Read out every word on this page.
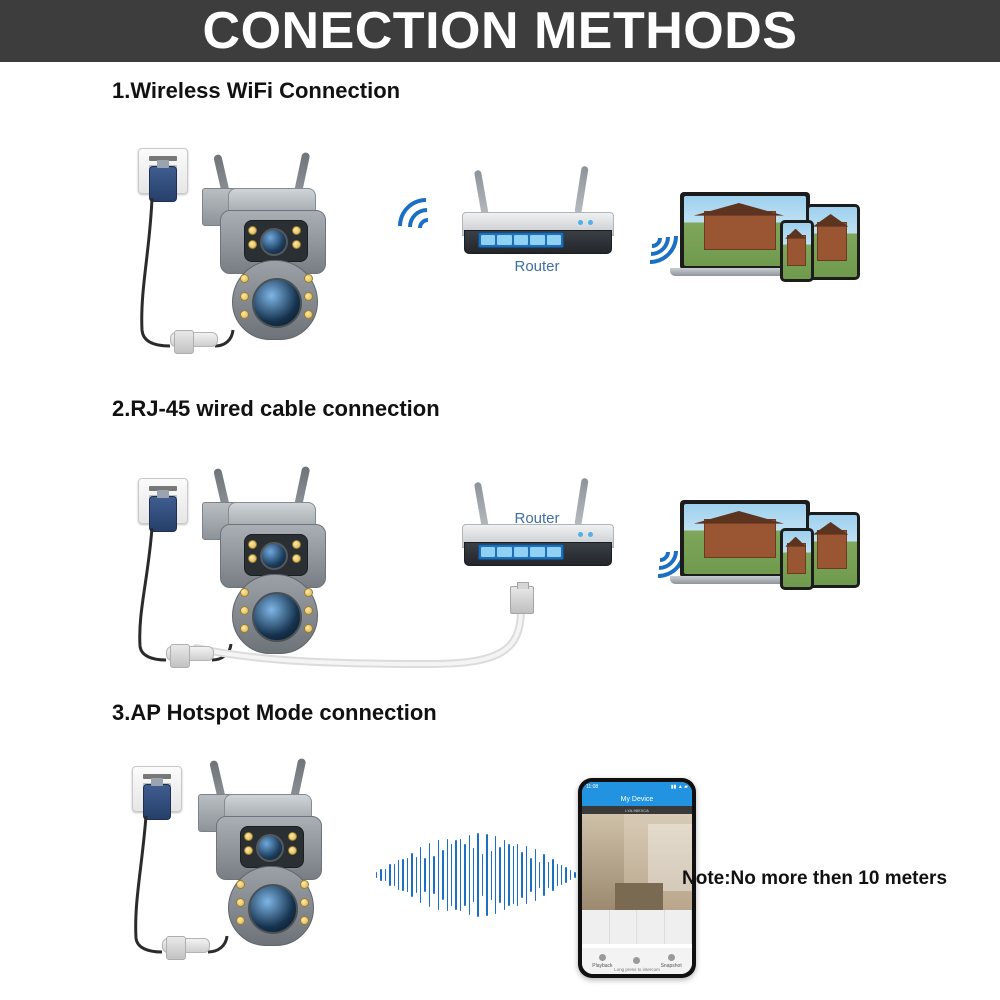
CONECTION METHODS
1.Wireless WiFi Connection
Router
2.RJ-45 wired cable connection
Router
3.AP Hotspot Mode connection
11:08	▮▮ ▲ ▰
My Device
LYA-98XXCA
Playback	Snapshot
Long press to intercom
Note:No more then 10 meters
